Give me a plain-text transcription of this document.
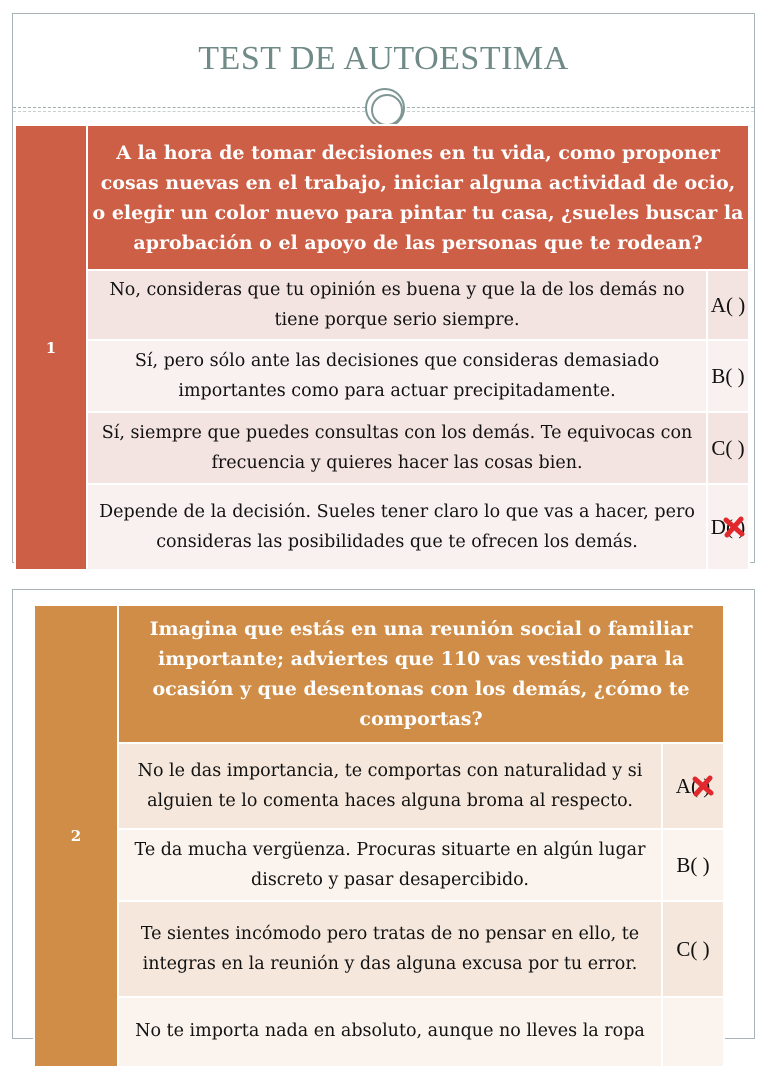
TEST DE AUTOESTIMA
1	A la hora de tomar decisiones en tu vida, como proponer cosas nuevas en el trabajo, iniciar alguna actividad de ocio, o elegir un color nuevo para pintar tu casa, ¿sueles buscar la aprobación o el apoyo de las personas que te rodean?	
	No, consideras que tu opinión es buena y que la de los demás no tiene porque serio siempre.	A( )
	Sí, pero sólo ante las decisiones que consideras demasiado importantes como para actuar precipitadamente.	B( )
	Sí, siempre que puedes consultas con los demás. Te equivocas con frecuencia y quieres hacer las cosas bien.	C( )
	Depende de la decisión. Sueles tener claro lo que vas a hacer, pero consideras las posibilidades que te ofrecen los demás.	D( )
2	Imagina que estás en una reunión social o familiar importante; adviertes que 110 vas vestido para la ocasión y que desentonas con los demás, ¿cómo te comportas?	
	No le das importancia, te comportas con naturalidad y si alguien te lo comenta haces alguna broma al respecto.	A( )

	Te da mucha vergüenza. Procuras situarte en algún lugar discreto y pasar desapercibido.	B( )
	Te sientes incómodo pero tratas de no pensar en ello, te integras en la reunión y das alguna excusa por tu error.	C( )
	No te importa nada en absoluto, aunque no lleves la ropa	
